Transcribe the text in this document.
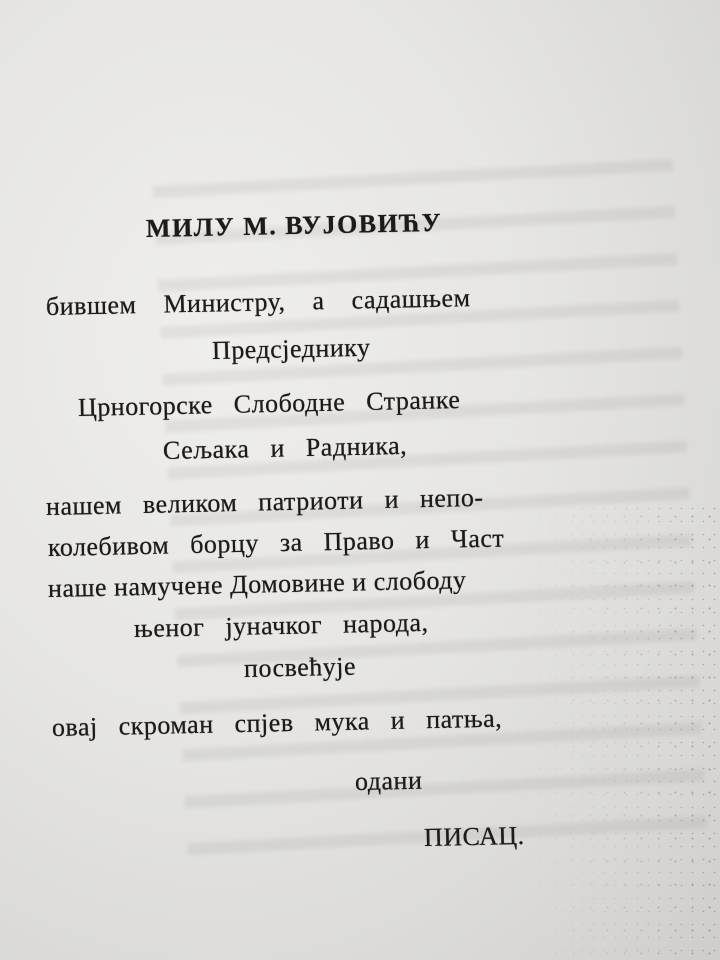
МИЛУ М. ВУЈОВИЋУ
бившем Министру, а садашњем
Предсједнику
Црногорске Слободне Странке
Сељака и Радника,
нашем великом патриоти и непо-
колебивом борцу за Право и Част
наше намучене Домовине и слободу
њеног јуначког народа,
посвећује
овај скроман спјев мука и патња,
одани
ПИСАЦ.
